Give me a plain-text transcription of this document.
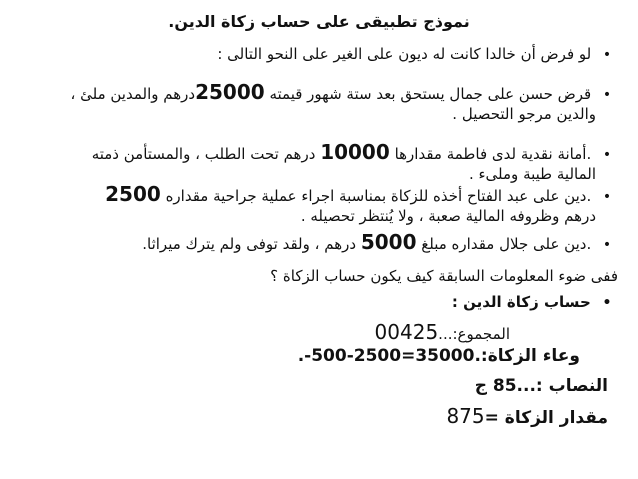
نموذج تطبيقى على حساب زكاة الدين.
• لو فرض أن خالدا كانت له ديون على الغير على النحو التالى :
• قرض حسن على جمال يستحق بعد ستة شهور قيمته 25000درهم والمدين ملئ ،
والدين مرجو التحصيل .
• .أمانة نقدية لدى فاطمة مقدارها 10000 درهم تحت الطلب ، والمستأمن ذمته
المالية طيبة وملىء .
• .دين على عبد الفتاح أخذه للزكاة بمناسبة اجراء عملية جراحية مقداره 2500
درهم وظروفه المالية صعبة ، ولا يُنتظر تحصيله .
• .دين على جلال مقداره مبلغ 5000 درهم ، ولقد توفى ولم يترك ميراثا.
ففى ضوء المعلومات السابقة كيف يكون حساب الزكاة ؟
• حساب زكاة الدين :
المجموع:...00425
وعاء الزكاة:..-500-2500=35000
النصاب :...85 ج
مقدار الزكاة =875
